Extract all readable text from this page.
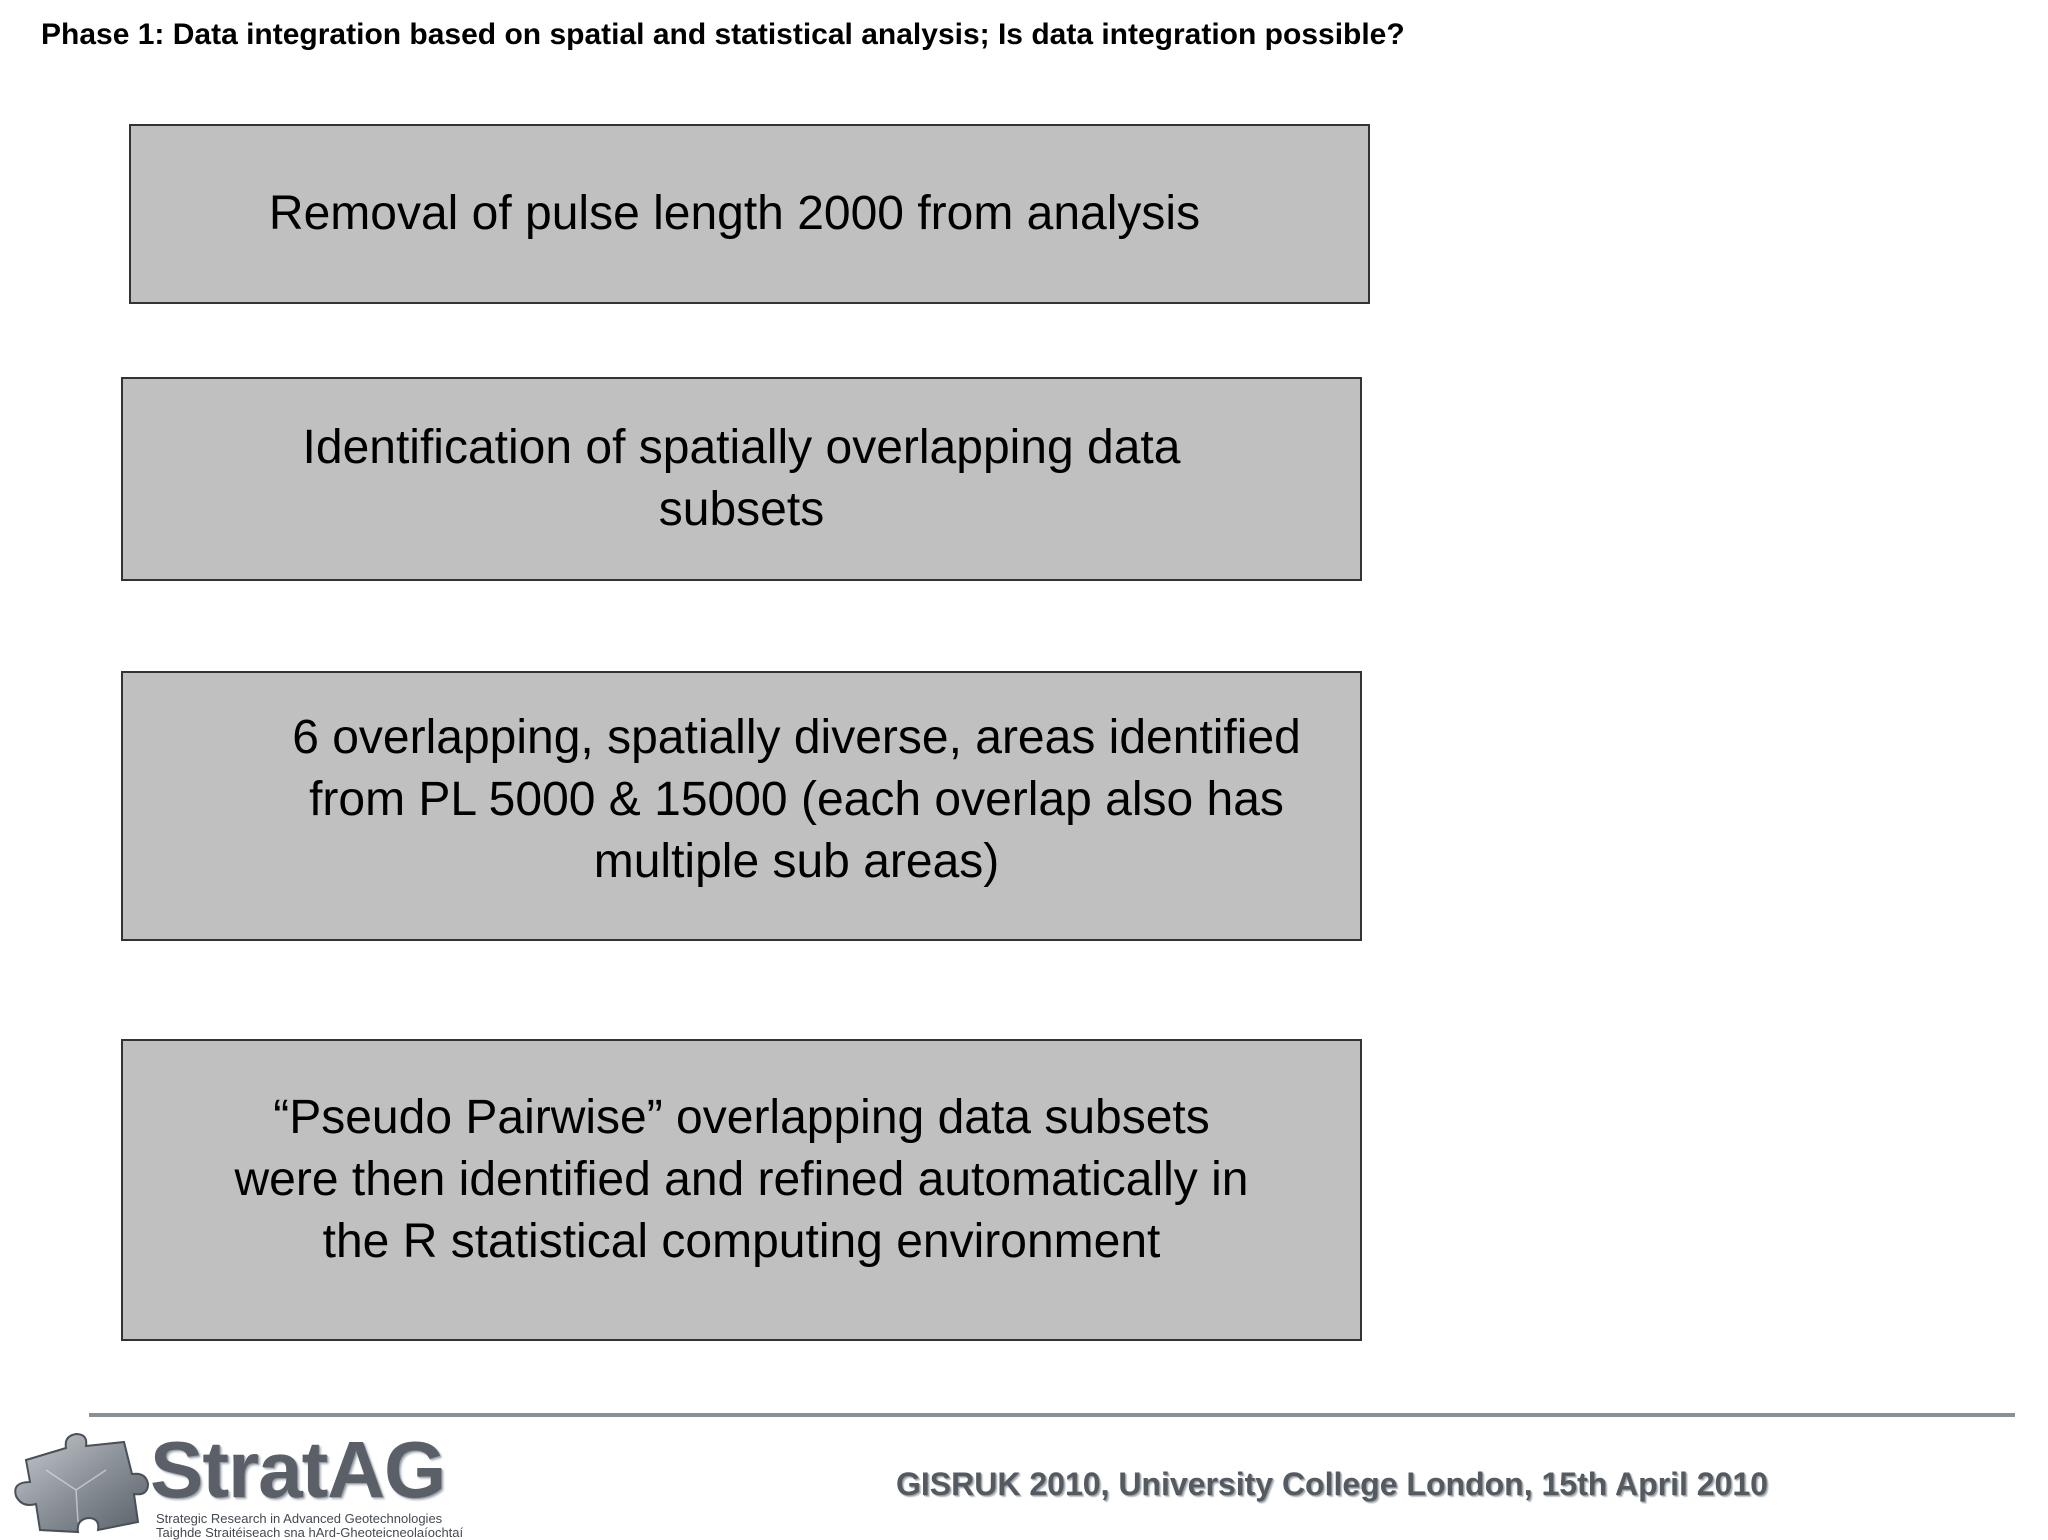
Phase 1: Data integration based on spatial and statistical analysis; Is data integration possible?
Removal of pulse length 2000 from analysis
Identification of spatially overlapping data
subsets
6 overlapping, spatially diverse, areas identified
from PL 5000 & 15000 (each overlap also has
multiple sub areas)
“Pseudo Pairwise” overlapping data subsets
were then identified and refined automatically in
the R statistical computing environment
StratAG
Strategic Research in Advanced Geotechnologies
Taighde Straitéiseach sna hArd-Gheoteicneolaíochtaí
GISRUK 2010, University College London, 15th April 2010
